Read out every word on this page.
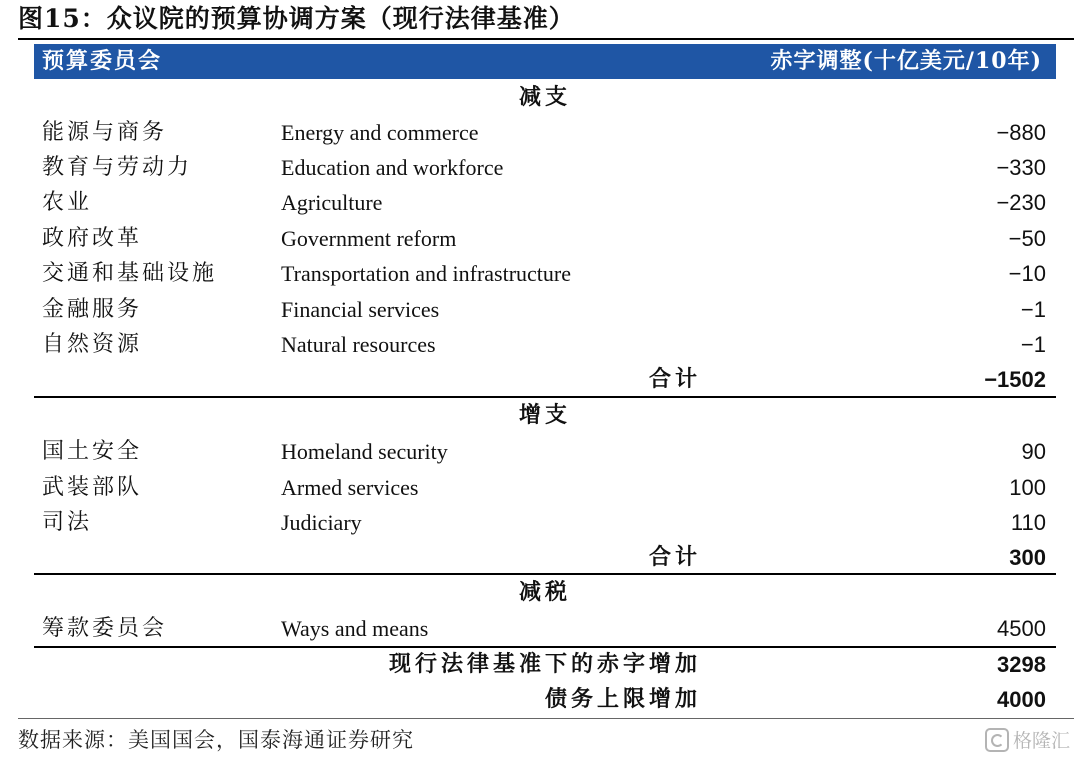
图15：众议院的预算协调方案（现行法律基准）
预算委员会	赤字调整(十亿美元/10年)
减支
能源与商务	Energy and commerce	−880
教育与劳动力	Education and workforce	−330
农业	Agriculture	−230
政府改革	Government reform	−50
交通和基础设施	Transportation and infrastructure	−10
金融服务	Financial services	−1
自然资源	Natural resources	−1
合计	−1502
增支
国土安全	Homeland security	90
武装部队	Armed services	100
司法	Judiciary	110
合计	300
减税
筹款委员会	Ways and means	4500
现行法律基准下的赤字增加	3298
债务上限增加	4000
数据来源：美国国会，国泰海通证券研究	格隆汇
